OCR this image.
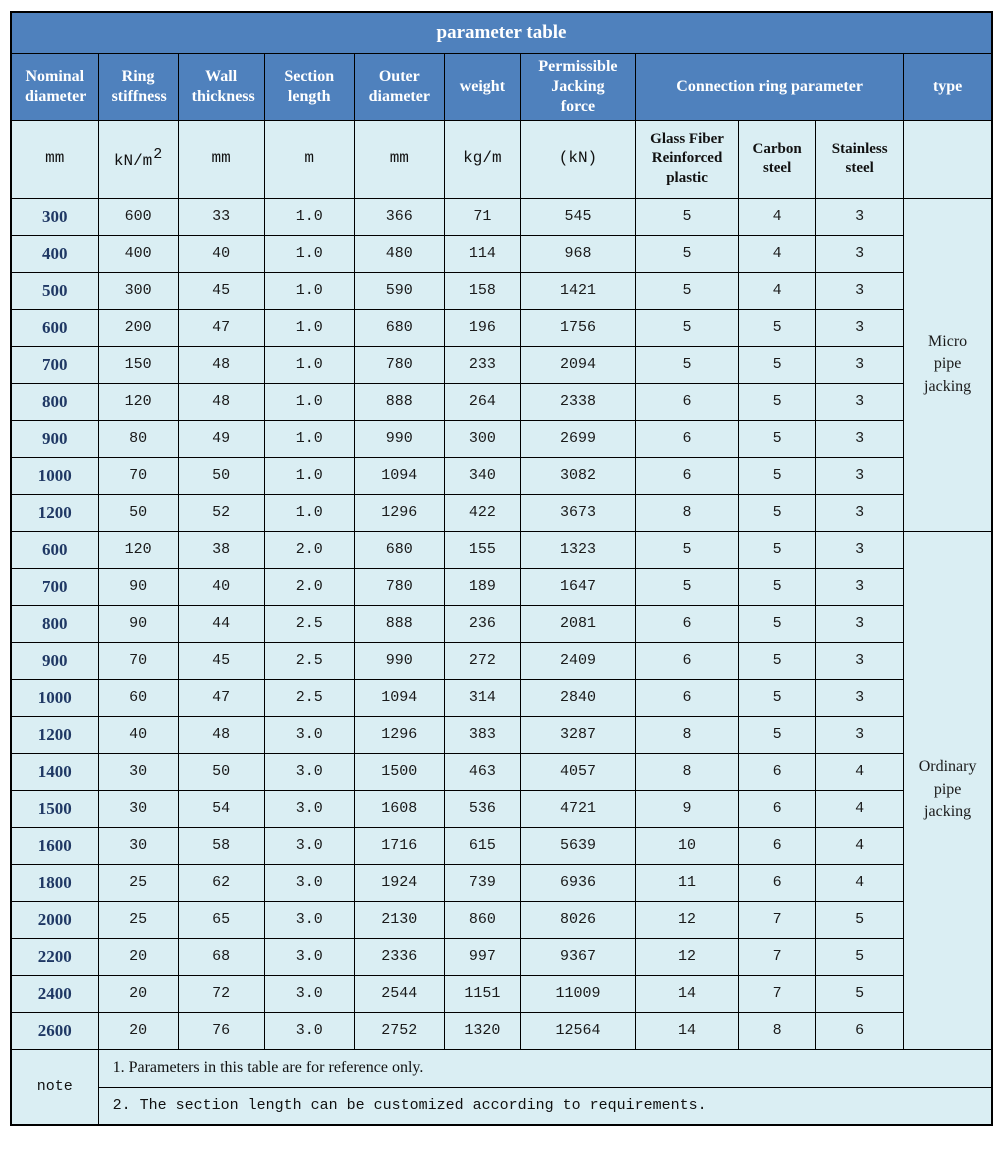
parameter table										
Nominal diameter	Ring stiffness	Wall thickness	Section length	Outer diameter	weight	Permissible Jacking force	Connection ring parameter			type
mm	kN/m2	mm	m	mm	kg/m	(kN)	Glass Fiber Reinforced plastic	Carbon steel	Stainless steel	
300	600	33	1.0	366	71	545	5	4	3	Micro pipe jacking
400	400	40	1.0	480	114	968	5	4	3	
500	300	45	1.0	590	158	1421	5	4	3	
600	200	47	1.0	680	196	1756	5	5	3	
700	150	48	1.0	780	233	2094	5	5	3	
800	120	48	1.0	888	264	2338	6	5	3	
900	80	49	1.0	990	300	2699	6	5	3	
1000	70	50	1.0	1094	340	3082	6	5	3	
1200	50	52	1.0	1296	422	3673	8	5	3	
600	120	38	2.0	680	155	1323	5	5	3	Ordinary pipe jacking
700	90	40	2.0	780	189	1647	5	5	3	
800	90	44	2.5	888	236	2081	6	5	3	
900	70	45	2.5	990	272	2409	6	5	3	
1000	60	47	2.5	1094	314	2840	6	5	3	
1200	40	48	3.0	1296	383	3287	8	5	3	
1400	30	50	3.0	1500	463	4057	8	6	4	
1500	30	54	3.0	1608	536	4721	9	6	4	
1600	30	58	3.0	1716	615	5639	10	6	4	
1800	25	62	3.0	1924	739	6936	11	6	4	
2000	25	65	3.0	2130	860	8026	12	7	5	
2200	20	68	3.0	2336	997	9367	12	7	5	
2400	20	72	3.0	2544	1151	11009	14	7	5	
2600	20	76	3.0	2752	1320	12564	14	8	6	
note	1. Parameters in this table are for reference only.									
	2. The section length can be customized according to requirements.									
